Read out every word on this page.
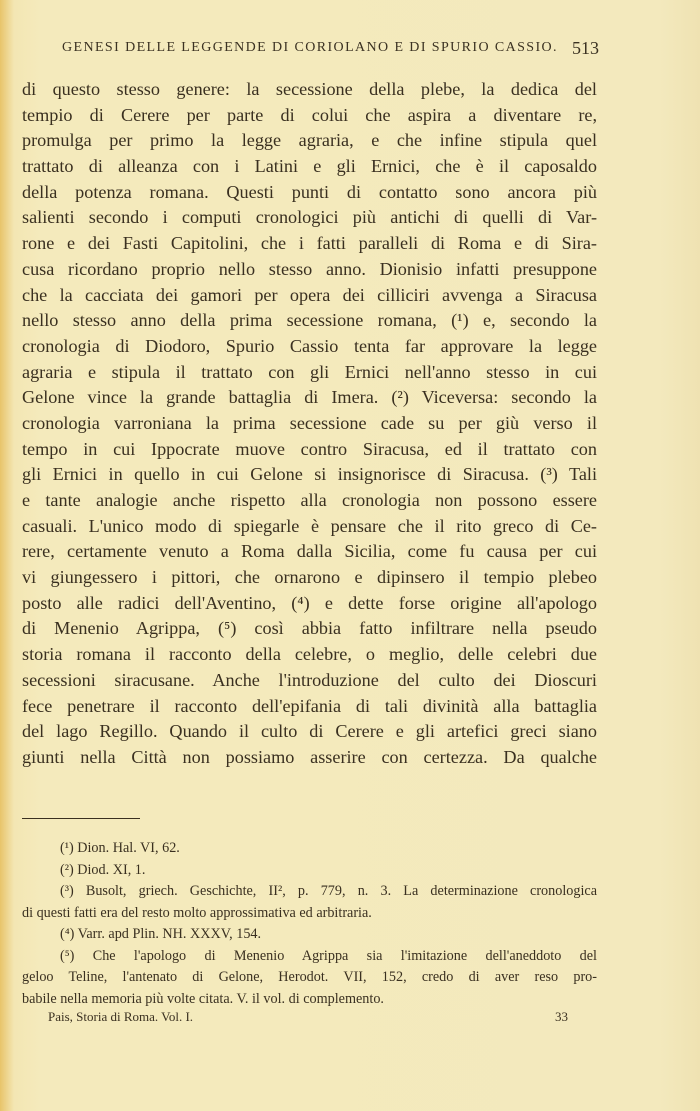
GENESI DELLE LEGGENDE DI CORIOLANO E DI SPURIO CASSIO. 513
di questo stesso genere: la secessione della plebe, la dedica del
tempio di Cerere per parte di colui che aspira a diventare re,
promulga per primo la legge agraria, e che infine stipula quel
trattato di alleanza con i Latini e gli Ernici, che è il caposaldo
della potenza romana. Questi punti di contatto sono ancora più
salienti secondo i computi cronologici più antichi di quelli di Var-
rone e dei Fasti Capitolini, che i fatti paralleli di Roma e di Sira-
cusa ricordano proprio nello stesso anno. Dionisio infatti presuppone
che la cacciata dei gamori per opera dei cilliciri avvenga a Siracusa
nello stesso anno della prima secessione romana, (¹) e, secondo la
cronologia di Diodoro, Spurio Cassio tenta far approvare la legge
agraria e stipula il trattato con gli Ernici nell'anno stesso in cui
Gelone vince la grande battaglia di Imera. (²) Viceversa: secondo la
cronologia varroniana la prima secessione cade su per giù verso il
tempo in cui Ippocrate muove contro Siracusa, ed il trattato con
gli Ernici in quello in cui Gelone si insignorisce di Siracusa. (³) Tali
e tante analogie anche rispetto alla cronologia non possono essere
casuali. L'unico modo di spiegarle è pensare che il rito greco di Ce-
rere, certamente venuto a Roma dalla Sicilia, come fu causa per cui
vi giungessero i pittori, che ornarono e dipinsero il tempio plebeo
posto alle radici dell'Aventino, (⁴) e dette forse origine all'apologo
di Menenio Agrippa, (⁵) così abbia fatto infiltrare nella pseudo
storia romana il racconto della celebre, o meglio, delle celebri due
secessioni siracusane. Anche l'introduzione del culto dei Dioscuri
fece penetrare il racconto dell'epifania di tali divinità alla battaglia
del lago Regillo. Quando il culto di Cerere e gli artefici greci siano
giunti nella Città non possiamo asserire con certezza. Da qualche
(¹) Dion. Hal. VI, 62.
(²) Diod. XI, 1.
(³) Busolt, griech. Geschichte, II², p. 779, n. 3. La determinazione cronologica
di questi fatti era del resto molto approssimativa ed arbitraria.
(⁴) Varr. apd Plin. NH. XXXV, 154.
(⁵) Che l'apologo di Menenio Agrippa sia l'imitazione dell'aneddoto del
geloo Teline, l'antenato di Gelone, Herodot. VII, 152, credo di aver reso pro-
babile nella memoria più volte citata. V. il vol. di complemento.
Pais, Storia di Roma. Vol. I.	33
